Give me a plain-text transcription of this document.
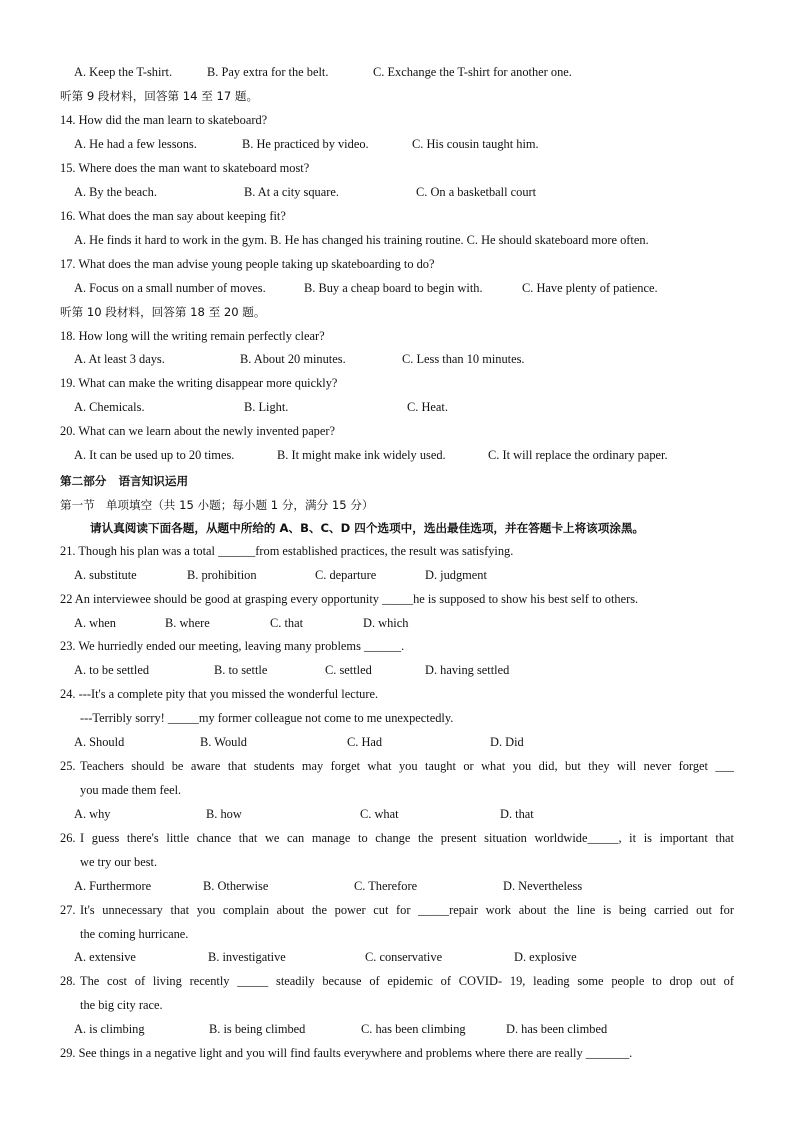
A. Keep the T-shirt.	B. Pay extra for the belt.	C. Exchange the T-shirt for another one.
听第 9 段材料，回答第 14 至 17 题。
14. How did the man learn to skateboard?
A. He had a few lessons.	B. He practiced by video.	C. His cousin taught him.
15. Where does the man want to skateboard most?
A. By the beach.	B. At a city square.	C. On a basketball court
16. What does the man say about keeping fit?
A. He finds it hard to work in the gym. B. He has changed his training routine. C. He should skateboard more often.
17. What does the man advise young people taking up skateboarding to do?
A. Focus on a small number of moves.	B. Buy a cheap board to begin with.	C. Have plenty of patience.
听第 10 段材料，回答第 18 至 20 题。
18. How long will the writing remain perfectly clear?
A. At least 3 days.	B. About 20 minutes.	C. Less than 10 minutes.
19. What can make the writing disappear more quickly?
A. Chemicals.	B. Light.	C. Heat.
20. What can we learn about the newly invented paper?
A. It can be used up to 20 times.	B. It might make ink widely used.	C. It will replace the ordinary paper.
第二部分   语言知识运用
第一节   单项填空（共 15 小题；每小题 1 分，满分 15 分）
请认真阅读下面各题，从题中所给的 A、B、C、D 四个选项中，选出最佳选项，并在答题卡上将该项涂黑。
21. Though his plan was a total ______from established practices, the result was satisfying.
A. substitute	B. prohibition	C. departure	D. judgment
22 An interviewee should be good at grasping every opportunity _____he is supposed to show his best self to others.
A. when	B. where	C. that	D. which
23. We hurriedly ended our meeting, leaving many problems ______.
A. to be settled	B. to settle	C. settled	D. having settled
24. ---It's a complete pity that you missed the wonderful lecture.
---Terribly sorry! _____my former colleague not come to me unexpectedly.
A. Should	B. Would	C. Had	D. Did
25. Teachers should be aware that students may forget what you taught or what you did, but they will never forget ___
you made them feel.
A. why	B. how	C. what	D. that
26. I guess there's little chance that we can manage to change the present situation worldwide_____, it is important that
we try our best.
A. Furthermore	B. Otherwise	C. Therefore	D. Nevertheless
27. It's unnecessary that you complain about the power cut for _____repair work about the line is being carried out for
the coming hurricane.
A. extensive	B. investigative	C. conservative	D. explosive
28. The cost of living recently _____ steadily because of epidemic of COVID- 19, leading some people to drop out of
the big city race.
A. is climbing	B. is being climbed	C. has been climbing	D. has been climbed
29. See things in a negative light and you will find faults everywhere and problems where there are really _______.
